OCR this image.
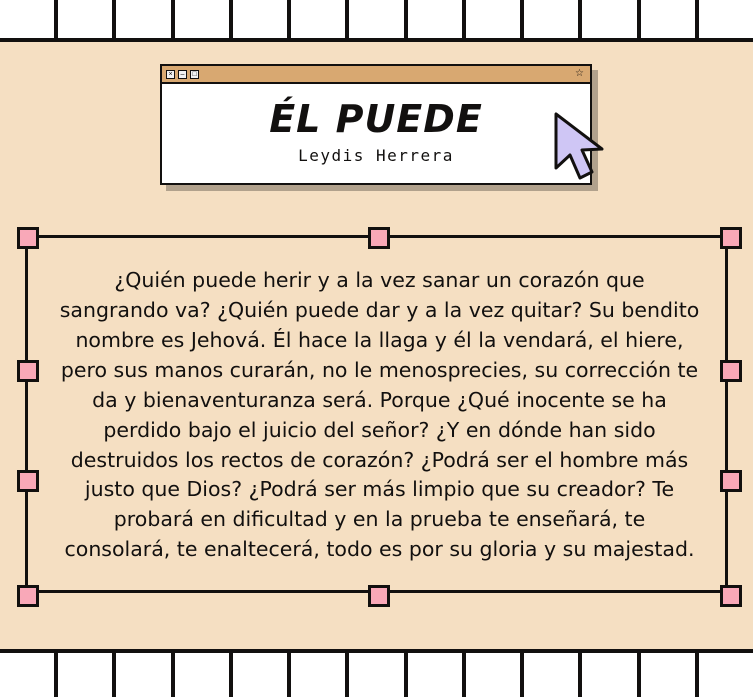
×	–	□	☆
ÉL PUEDE

Leydis Herrera

¿Quién puede herir y a la vez sanar un corazón que sangrando va? ¿Quién puede dar y a la vez quitar? Su bendito nombre es Jehová. Él hace la llaga y él la vendará, el hiere, pero sus manos curarán, no le menosprecies, su corrección te da y bienaventuranza será. Porque ¿Qué inocente se ha perdido bajo el juicio del señor? ¿Y en dónde han sido destruidos los rectos de corazón? ¿Podrá ser el hombre más justo que Dios? ¿Podrá ser más limpio que su creador? Te probará en dificultad y en la prueba te enseñará, te consolará, te enaltecerá, todo es por su gloria y su majestad.
